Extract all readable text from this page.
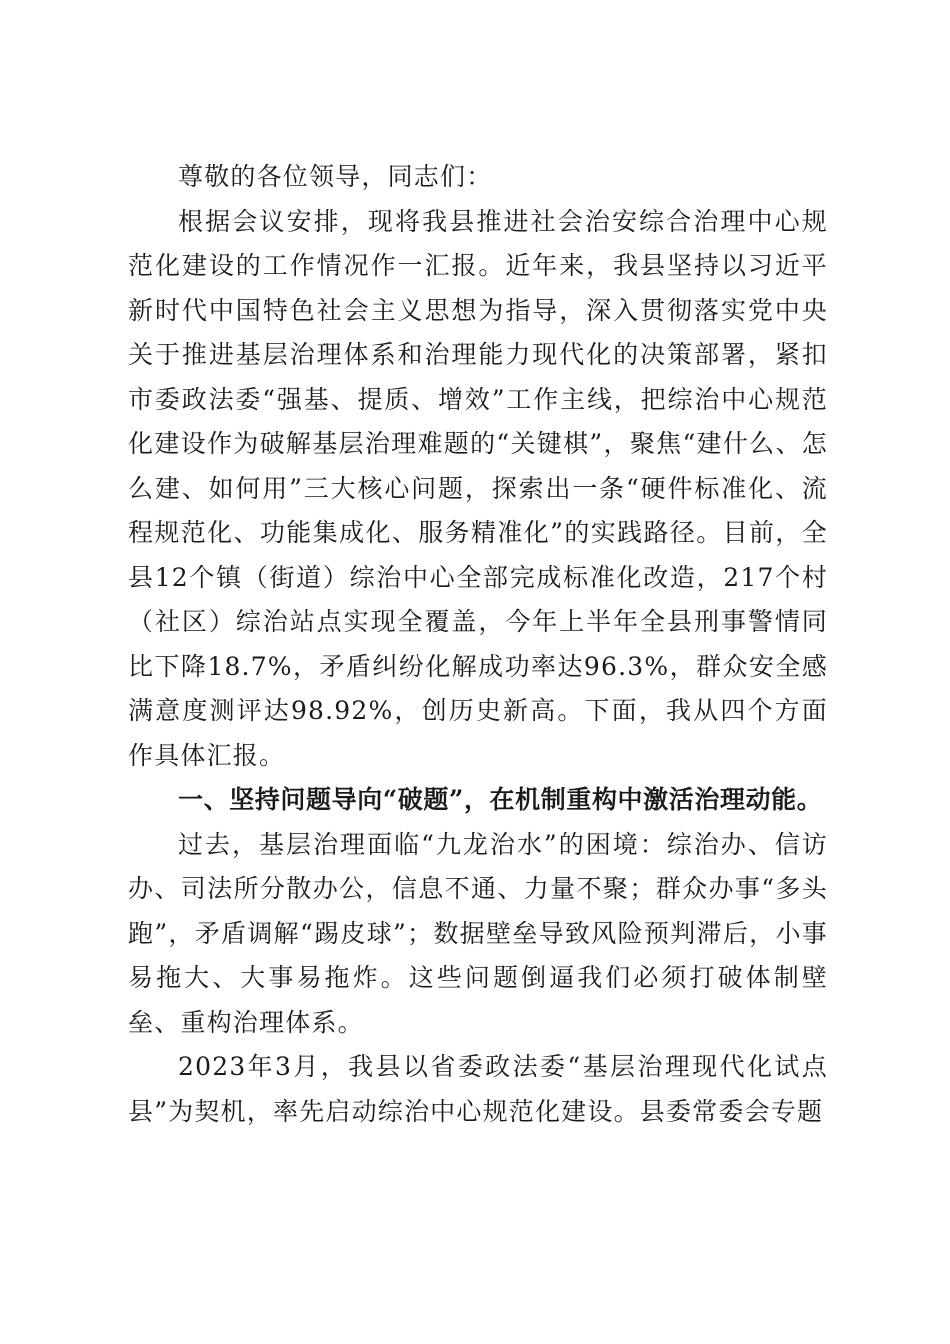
尊敬的各位领导，同志们：

根据会议安排，现将我县推进社会治安综合治理中心规范化建设的工作情况作一汇报。近年来，我县坚持以习近平新时代中国特色社会主义思想为指导，深入贯彻落实党中央关于推进基层治理体系和治理能力现代化的决策部署，紧扣市委政法委“强基、提质、增效”工作主线，把综治中心规范化建设作为破解基层治理难题的“关键棋”，聚焦“建什么、怎么建、如何用”三大核心问题，探索出一条“硬件标准化、流程规范化、功能集成化、服务精准化”的实践路径。目前，全县12个镇（街道）综治中心全部完成标准化改造，217个村（社区）综治站点实现全覆盖，今年上半年全县刑事警情同比下降18.7%，矛盾纠纷化解成功率达96.3%，群众安全感满意度测评达98.92%，创历史新高。下面，我从四个方面作具体汇报。

一、坚持问题导向“破题”，在机制重构中激活治理动能。

过去，基层治理面临“九龙治水”的困境：综治办、信访办、司法所分散办公，信息不通、力量不聚；群众办事“多头跑”，矛盾调解“踢皮球”；数据壁垒导致风险预判滞后，小事易拖大、大事易拖炸。这些问题倒逼我们必须打破体制壁垒、重构治理体系。

2023年3月，我县以省委政法委“基层治理现代化试点县”为契机，率先启动综治中心规范化建设。县委常委会专题
